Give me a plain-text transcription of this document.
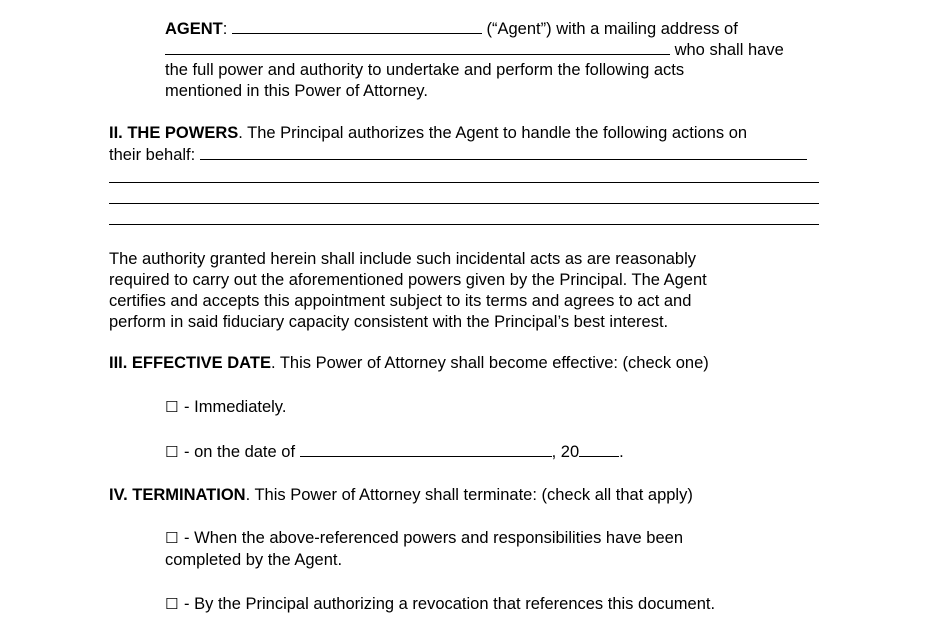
AGENT:	(“Agent”) with a mailing address of
who shall have
the full power and authority to undertake and perform the following acts
mentioned in this Power of Attorney.
II. THE POWERS. The Principal authorizes the Agent to handle the following actions on
their behalf:
The authority granted herein shall include such incidental acts as are reasonably
required to carry out the aforementioned powers given by the Principal. The Agent
certifies and accepts this appointment subject to its terms and agrees to act and
perform in said fiduciary capacity consistent with the Principal’s best interest.
III. EFFECTIVE DATE. This Power of Attorney shall become effective: (check one)
☐ - Immediately.
☐ - on the date of	, 20 .
IV. TERMINATION. This Power of Attorney shall terminate: (check all that apply)
☐ - When the above-referenced powers and responsibilities have been
completed by the Agent.
☐ - By the Principal authorizing a revocation that references this document.
